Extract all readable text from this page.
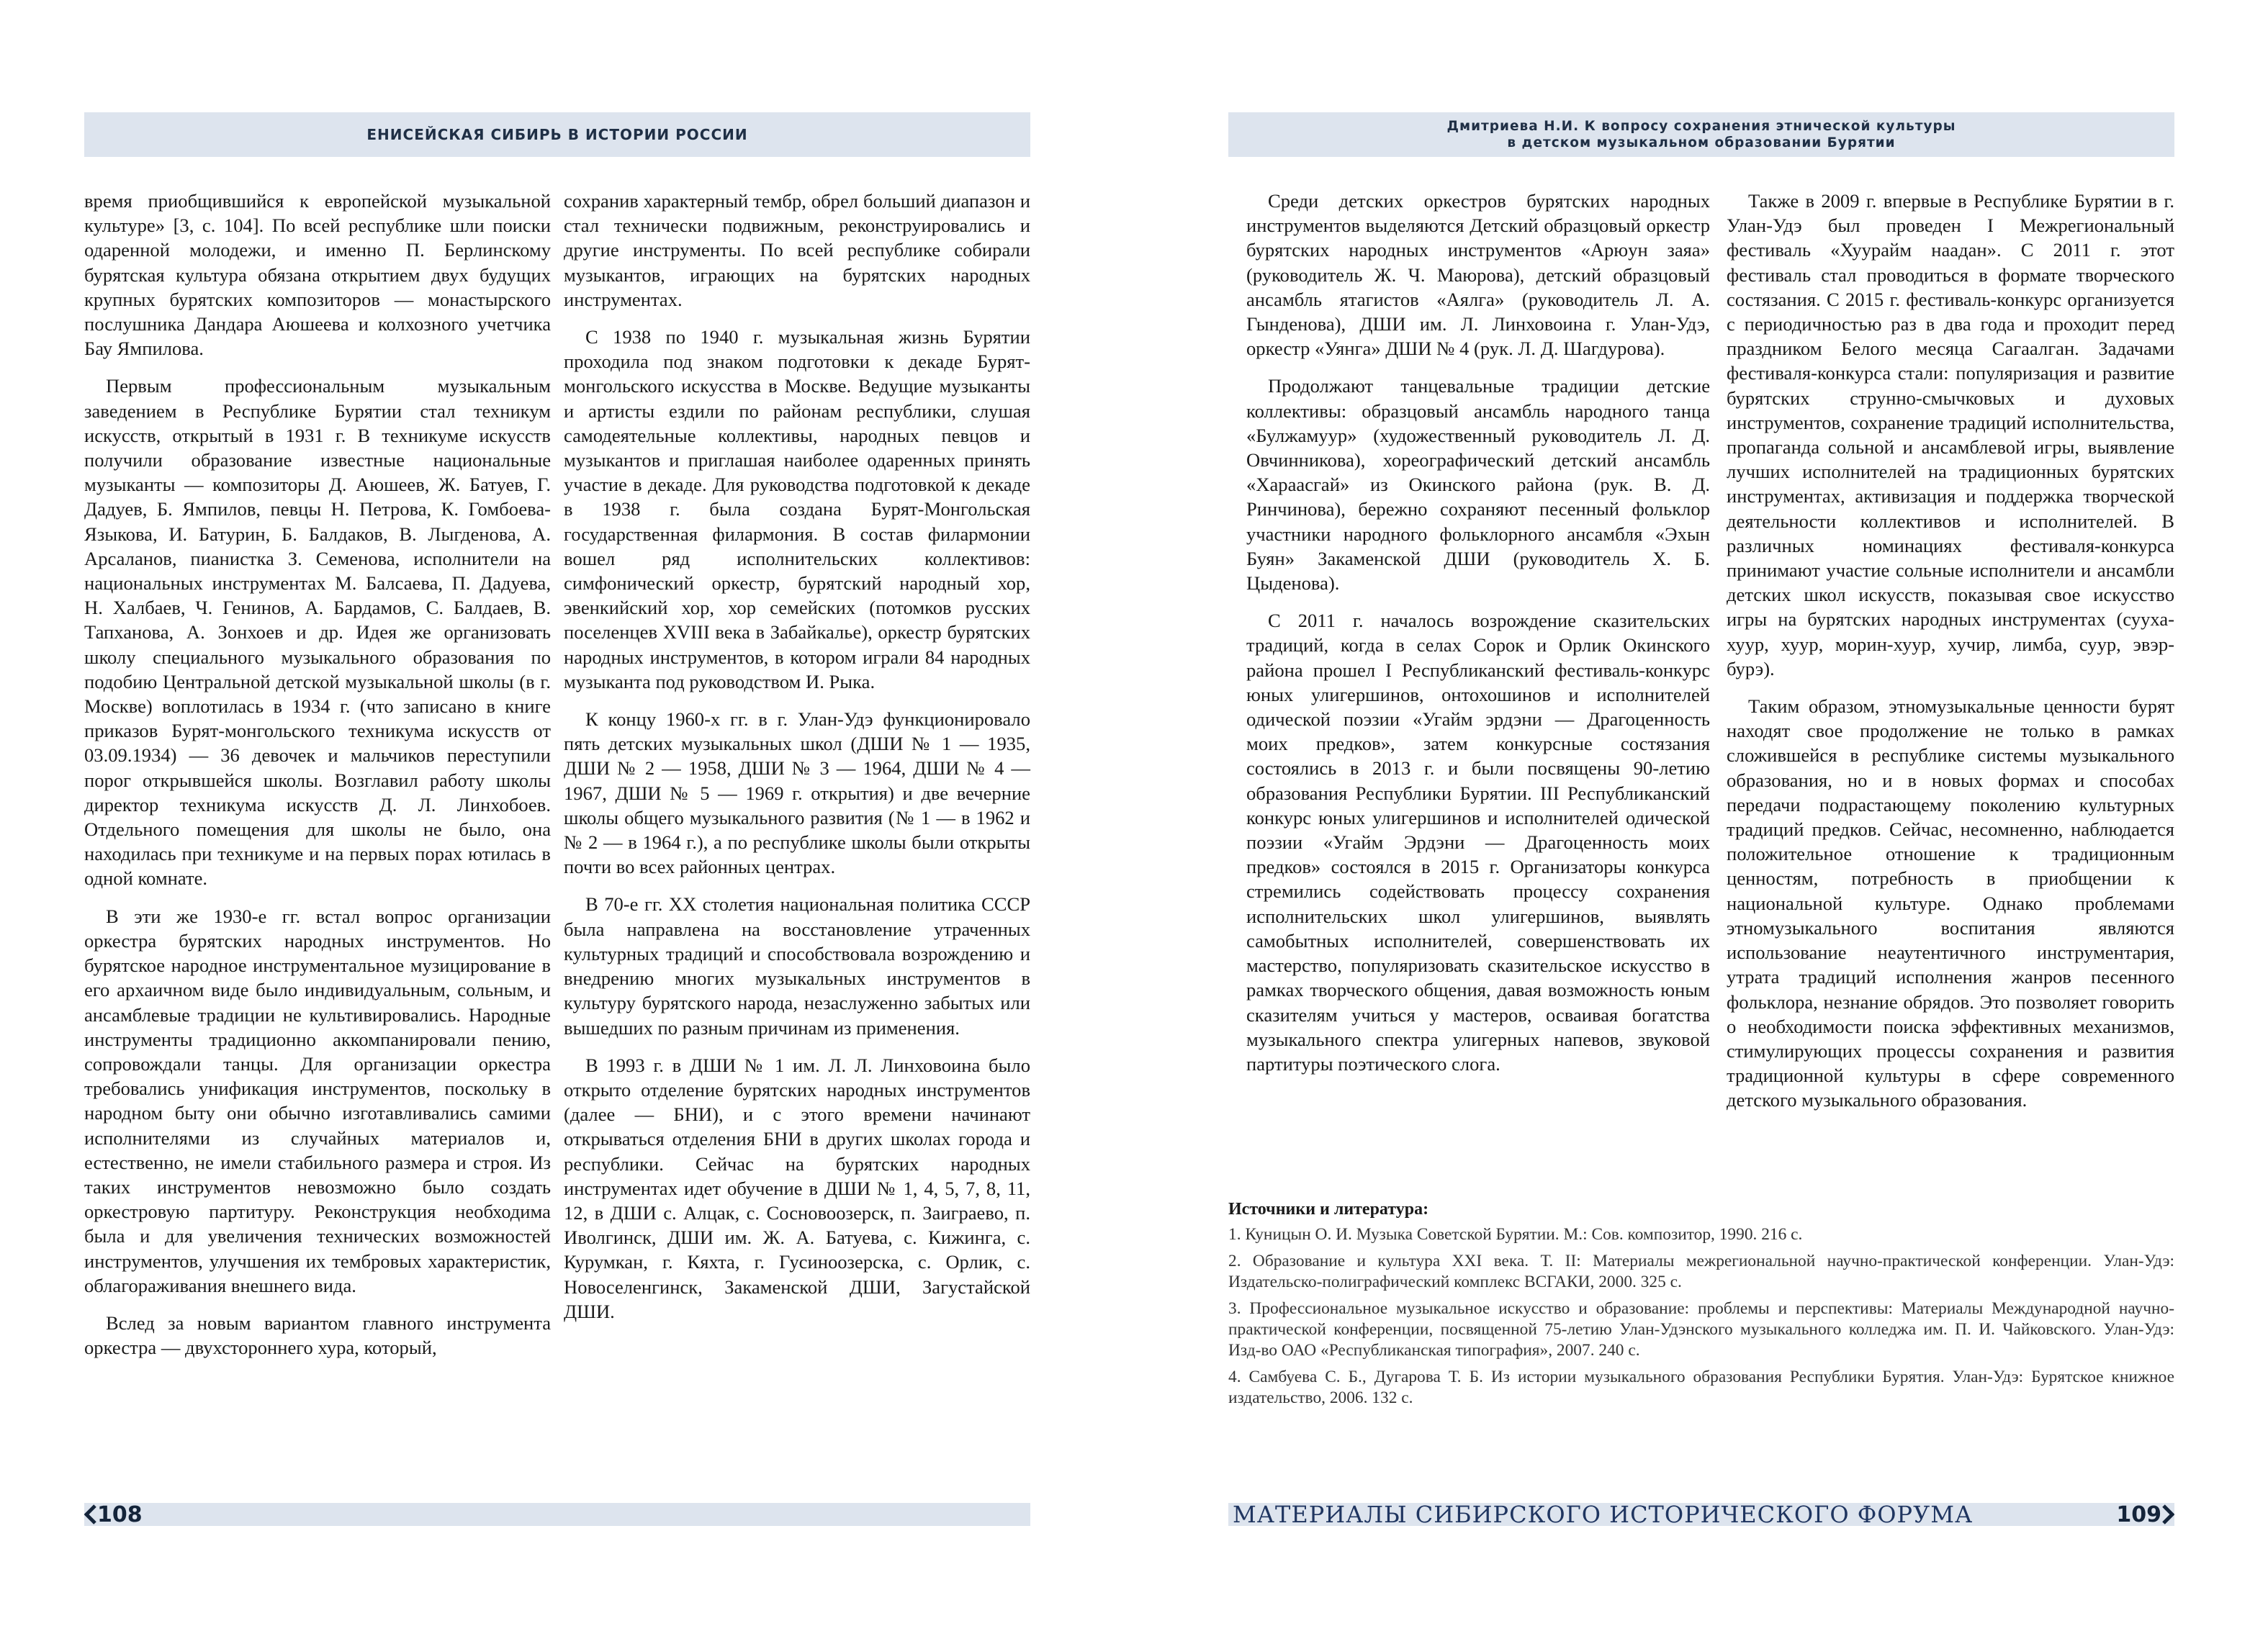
ЕНИСЕЙСКАЯ СИБИРЬ В ИСТОРИИ РОССИИ

время приобщившийся к европейской музыкальной культуре» [3, с. 104]. По всей республике шли поиски одаренной молодежи, и именно П. Берлинскому бурятская культура обязана открытием двух будущих крупных бурятских композиторов — монастырского послушника Дандара Аюшеева и колхозного учетчика Бау Ямпилова.

Первым профессиональным музыкальным заведением в Республике Бурятии стал техникум искусств, открытый в 1931 г. В техникуме искусств получили образование известные национальные музыканты — композиторы Д. Аюшеев, Ж. Батуев, Г. Дадуев, Б. Ямпилов, певцы Н. Петрова, К. Гомбоева-Языкова, И. Батурин, Б. Балдаков, В. Лыгденова, А. Арсаланов, пианистка З. Семенова, исполнители на национальных инструментах М. Балсаева, П. Дадуева, Н. Халбаев, Ч. Генинов, А. Бардамов, С. Балдаев, В. Тапханова, А. Зонхоев и др. Идея же организовать школу специального музыкального образования по подобию Центральной детской музыкальной школы (в г. Москве) воплотилась в 1934 г. (что записано в книге приказов Бурят-монгольского техникума искусств от 03.09.1934) — 36 девочек и мальчиков переступили порог открывшейся школы. Возглавил работу школы директор техникума искусств Д. Л. Линхобоев. Отдельного помещения для школы не было, она находилась при техникуме и на первых порах ютилась в одной комнате.

В эти же 1930-е гг. встал вопрос организации оркестра бурятских народных инструментов. Но бурятское народное инструментальное музицирование в его архаичном виде было индивидуальным, сольным, и ансамблевые традиции не культивировались. Народные инструменты традиционно аккомпанировали пению, сопровождали танцы. Для организации оркестра требовались унификация инструментов, поскольку в народном быту они обычно изготавливались самими исполнителями из случайных материалов и, естественно, не имели стабильного размера и строя. Из таких инструментов невозможно было создать оркестровую партитуру. Реконструкция необходима была и для увеличения технических возможностей инструментов, улучшения их тембровых характеристик, облагораживания внешнего вида.

Вслед за новым вариантом главного инструмента оркестра — двухстороннего хура, который,

сохранив характерный тембр, обрел больший диапазон и стал технически подвижным, реконструировались и другие инструменты. По всей республике собирали музыкантов, играющих на бурятских народных инструментах.

С 1938 по 1940 г. музыкальная жизнь Бурятии проходила под знаком подготовки к декаде Бурят-монгольского искусства в Москве. Ведущие музыканты и артисты ездили по районам республики, слушая самодеятельные коллективы, народных певцов и музыкантов и приглашая наиболее одаренных принять участие в декаде. Для руководства подготовкой к декаде в 1938 г. была создана Бурят-Монгольская государственная филармония. В состав филармонии вошел ряд исполнительских коллективов: симфонический оркестр, бурятский народный хор, эвенкийский хор, хор семейских (потомков русских поселенцев XVIII века в Забайкалье), оркестр бурятских народных инструментов, в котором играли 84 народных музыканта под руководством И. Рыка.

К концу 1960-х гг. в г. Улан-Удэ функционировало пять детских музыкальных школ (ДШИ № 1 — 1935, ДШИ № 2 — 1958, ДШИ № 3 — 1964, ДШИ № 4 — 1967, ДШИ № 5 — 1969 г. открытия) и две вечерние школы общего музыкального развития (№ 1 — в 1962 и № 2 — в 1964 г.), а по республике школы были открыты почти во всех районных центрах.

В 70-е гг. XX столетия национальная политика СССР была направлена на восстановление утраченных культурных традиций и способствовала возрождению и внедрению многих музыкальных инструментов в культуру бурятского народа, незаслуженно забытых или вышедших по разным причинам из применения.

В 1993 г. в ДШИ № 1 им. Л. Л. Линховоина было открыто отделение бурятских народных инструментов (далее — БНИ), и с этого времени начинают открываться отделения БНИ в других школах города и республики. Сейчас на бурятских народных инструментах идет обучение в ДШИ № 1, 4, 5, 7, 8, 11, 12, в ДШИ с. Алцак, с. Сосновоозерск, п. Заиграево, п. Иволгинск, ДШИ им. Ж. А. Батуева, с. Кижинга, с. Курумкан, г. Кяхта, г. Гусиноозерска, с. Орлик, с. Новоселенгинск, Закаменской ДШИ, Загустайской ДШИ.

108
Дмитриева Н.И. К вопросу сохранения этнической культуры
в детском музыкальном образовании Бурятии

Среди детских оркестров бурятских народных инструментов выделяются Детский образцовый оркестр бурятских народных инструментов «Арюун заяа» (руководитель Ж. Ч. Маюрова), детский образцовый ансамбль ятагистов «Аялга» (руководитель Л. А. Гынденова), ДШИ им. Л. Линховоина г. Улан-Удэ, оркестр «Уянга» ДШИ № 4 (рук. Л. Д. Шагдурова).

Продолжают танцевальные традиции детские коллективы: образцовый ансамбль народного танца «Булжамуур» (художественный руководитель Л. Д. Овчинникова), хореографический детский ансамбль «Хараасгай» из Окинского района (рук. В. Д. Ринчинова), бережно сохраняют песенный фольклор участники народного фольклорного ансамбля «Эхын Буян» Закаменской ДШИ (руководитель Х. Б. Цыденова).

С 2011 г. началось возрождение сказительских традиций, когда в селах Сорок и Орлик Окинского района прошел I Республиканский фестиваль-конкурс юных улигершинов, онтохошинов и исполнителей одической поэзии «Угайм эрдэни — Драгоценность моих предков», затем конкурсные состязания состоялись в 2013 г. и были посвящены 90-летию образования Республики Бурятии. III Республиканский конкурс юных улигершинов и исполнителей одической поэзии «Угайм Эрдэни — Драгоценность моих предков» состоялся в 2015 г. Организаторы конкурса стремились содействовать процессу сохранения исполнительских школ улигершинов, выявлять самобытных исполнителей, совершенствовать их мастерство, популяризовать сказительское искусство в рамках творческого общения, давая возможность юным сказителям учиться у мастеров, осваивая богатства музыкального спектра улигерных напевов, звуковой партитуры поэтического слога.

Также в 2009 г. впервые в Республике Бурятии в г. Улан-Удэ был проведен I Межрегиональный фестиваль «Хуурайм наадан». С 2011 г. этот фестиваль стал проводиться в формате творческого состязания. С 2015 г. фестиваль-конкурс организуется с периодичностью раз в два года и проходит перед праздником Белого месяца Сагаалган. Задачами фестиваля-конкурса стали: популяризация и развитие бурятских струнно-смычковых и духовых инструментов, сохранение традиций исполнительства, пропаганда сольной и ансамблевой игры, выявление лучших исполнителей на традиционных бурятских инструментах, активизация и поддержка творческой деятельности коллективов и исполнителей. В различных номинациях фестиваля-конкурса принимают участие сольные исполнители и ансамбли детских школ искусств, показывая свое искусство игры на бурятских народных инструментах (сууха-хуур, хуур, морин-хуур, хучир, лимба, суур, эвэр-бурэ).

Таким образом, этномузыкальные ценности бурят находят свое продолжение не только в рамках сложившейся в республике системы музыкального образования, но и в новых формах и способах передачи подрастающему поколению культурных традиций предков. Сейчас, несомненно, наблюдается положительное отношение к традиционным ценностям, потребность в приобщении к национальной культуре. Однако проблемами этномузыкального воспитания являются использование неаутентичного инструментария, утрата традиций исполнения жанров песенного фольклора, незнание обрядов. Это позволяет говорить о необходимости поиска эффективных механизмов, стимулирующих процессы сохранения и развития традиционной культуры в сфере современного детского музыкального образования.

Источники и литература:
1. Куницын О. И. Музыка Советской Бурятии. М.: Сов. композитор, 1990. 216 с.
2. Образование и культура XXI века. Т. II: Материалы межрегиональной научно-практической конференции. Улан-Удэ: Издательско-полиграфический комплекс ВСГАКИ, 2000. 325 с.
3. Профессиональное музыкальное искусство и образование: проблемы и перспективы: Материалы Международной научно-практической конференции, посвященной 75-летию Улан-Удэнского музыкального колледжа им. П. И. Чайковского. Улан-Удэ: Изд-во ОАО «Республиканская типография», 2007. 240 с.
4. Самбуева С. Б., Дугарова Т. Б. Из истории музыкального образования Республики Бурятия. Улан-Удэ: Бурятское книжное издательство, 2006. 132 с.
МАТЕРИАЛЫ СИБИРСКОГО ИСТОРИЧЕСКОГО ФОРУМА	109
